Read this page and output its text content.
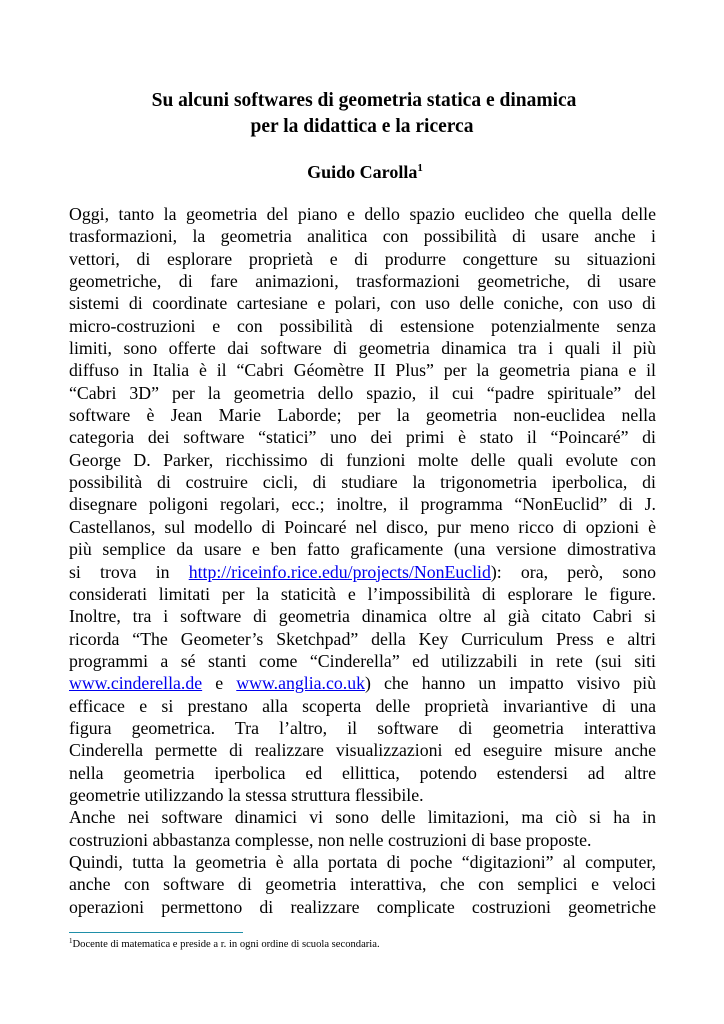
Su alcuni softwares di geometria statica e dinamica
per la didattica e la ricerca
Guido Carolla$^1$
Oggi, tanto la geometria del piano e dello spazio euclideo che quella delle
trasformazioni, la geometria analitica con possibilità di usare anche i
vettori, di esplorare proprietà e di produrre congetture su situazioni
geometriche, di fare animazioni, trasformazioni geometriche, di usare
sistemi di coordinate cartesiane e polari, con uso delle coniche, con uso di
micro-costruzioni e con possibilità di estensione potenzialmente senza
limiti, sono offerte dai software di geometria dinamica tra i quali il più
diffuso in Italia è il “Cabri Géomètre II Plus” per la geometria piana e il
“Cabri 3D” per la geometria dello spazio, il cui “padre spirituale” del
software è Jean Marie Laborde; per la geometria non-euclidea nella
categoria dei software “statici” uno dei primi è stato il “Poincaré” di
George D. Parker, ricchissimo di funzioni molte delle quali evolute con
possibilità di costruire cicli, di studiare la trigonometria iperbolica, di
disegnare poligoni regolari, ecc.; inoltre, il programma “NonEuclid” di J.
Castellanos, sul modello di Poincaré nel disco, pur meno ricco di opzioni è
più semplice da usare e ben fatto graficamente (una versione dimostrativa
si trova in http://riceinfo.rice.edu/projects/NonEuclid): ora, però, sono
considerati limitati per la staticità e l’impossibilità di esplorare le figure.
Inoltre, tra i software di geometria dinamica oltre al già citato Cabri si
ricorda “The Geometer’s Sketchpad” della Key Curriculum Press e altri
programmi a sé stanti come “Cinderella” ed utilizzabili in rete (sui siti
www.cinderella.de e www.anglia.co.uk) che hanno un impatto visivo più
efficace e si prestano alla scoperta delle proprietà invariantive di una
figura geometrica. Tra l’altro, il software di geometria interattiva
Cinderella permette di realizzare visualizzazioni ed eseguire misure anche
nella geometria iperbolica ed ellittica, potendo estendersi ad altre
geometrie utilizzando la stessa struttura flessibile.
Anche nei software dinamici vi sono delle limitazioni, ma ciò si ha in
costruzioni abbastanza complesse, non nelle costruzioni di base proposte.
Quindi, tutta la geometria è alla portata di poche “digitazioni” al computer,
anche con software di geometria interattiva, che con semplici e veloci
operazioni permettono di realizzare complicate costruzioni geometriche
$^1$Docente di matematica e preside a r. in ogni ordine di scuola secondaria.
